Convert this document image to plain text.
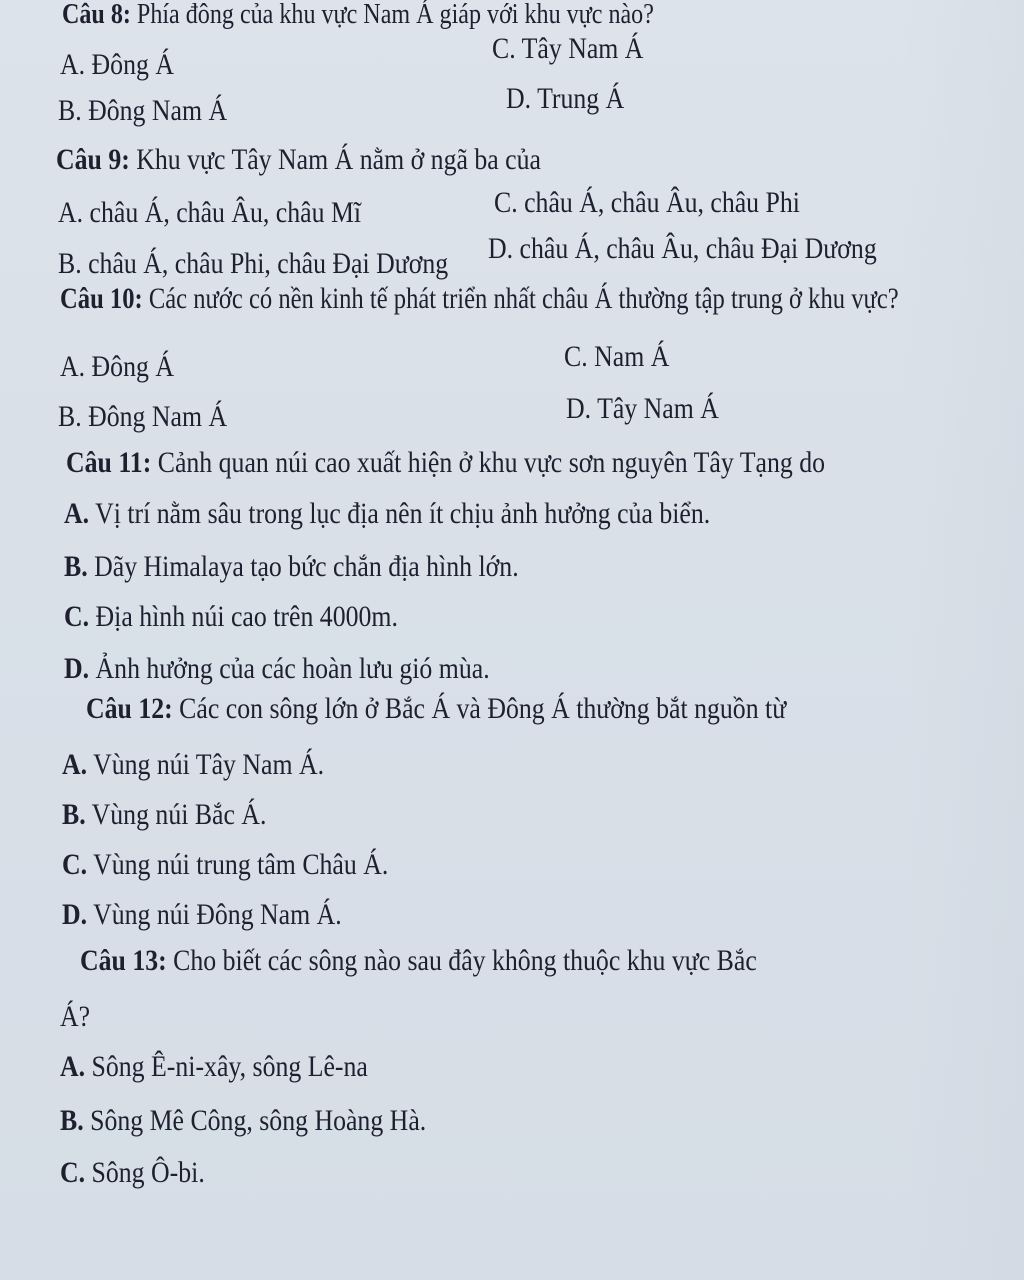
Câu 8: Phía đông của khu vực Nam Á giáp với khu vực nào?
A. Đông Á	C. Tây Nam Á
B. Đông Nam Á	D. Trung Á
Câu 9: Khu vực Tây Nam Á nằm ở ngã ba của
A. châu Á, châu Âu, châu Mĩ	C. châu Á, châu Âu, châu Phi
B. châu Á, châu Phi, châu Đại Dương D. châu Á, châu Âu, châu Đại Dương
Câu 10: Các nước có nền kinh tế phát triển nhất châu Á thường tập trung ở khu vực?
A. Đông Á	C. Nam Á
B. Đông Nam Á	D. Tây Nam Á
Câu 11: Cảnh quan núi cao xuất hiện ở khu vực sơn nguyên Tây Tạng do
A. Vị trí nằm sâu trong lục địa nên ít chịu ảnh hưởng của biển.
B. Dãy Himalaya tạo bức chắn địa hình lớn.
C. Địa hình núi cao trên 4000m.
D. Ảnh hưởng của các hoàn lưu gió mùa.
Câu 12: Các con sông lớn ở Bắc Á và Đông Á thường bắt nguồn từ
A. Vùng núi Tây Nam Á.
B. Vùng núi Bắc Á.
C. Vùng núi trung tâm Châu Á.
D. Vùng núi Đông Nam Á.
Câu 13: Cho biết các sông nào sau đây không thuộc khu vực Bắc
Á?
A. Sông Ê-ni-xây, sông Lê-na
B. Sông Mê Công, sông Hoàng Hà.
C. Sông Ô-bi.
